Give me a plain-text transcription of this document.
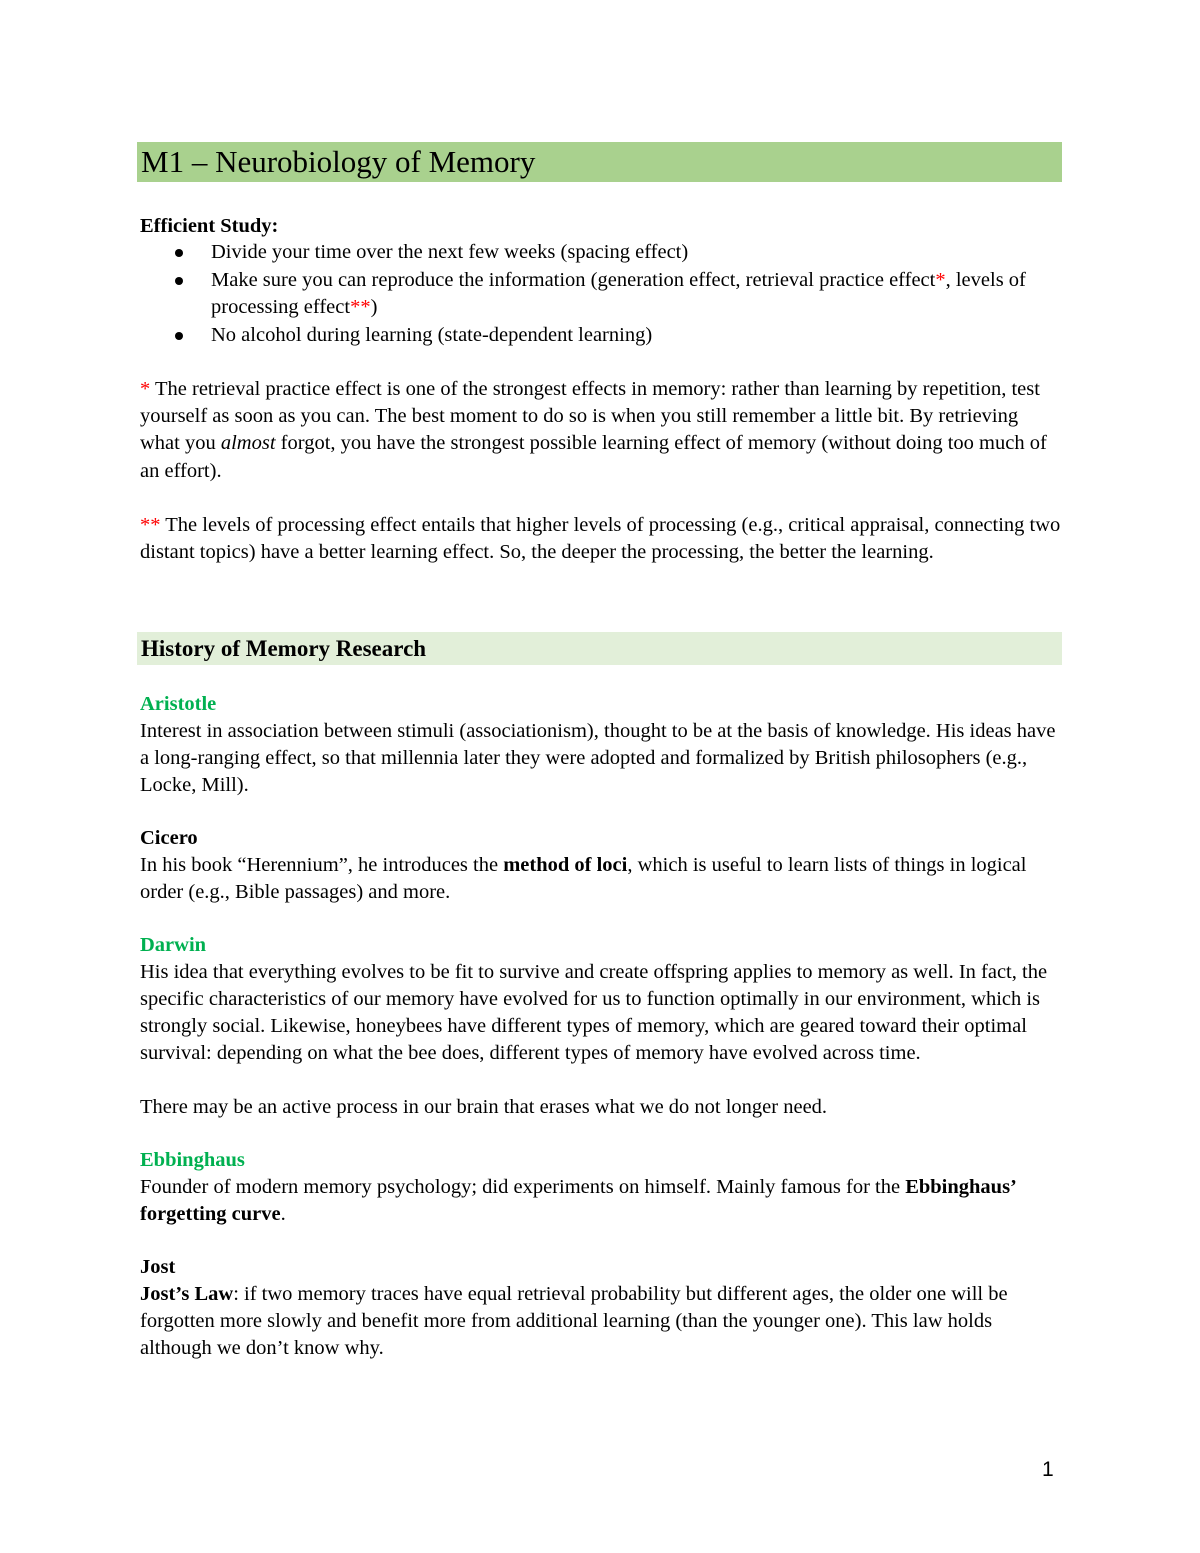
M1 – Neurobiology of Memory
Efficient Study:
Divide your time over the next few weeks (spacing effect)
Make sure you can reproduce the information (generation effect, retrieval practice effect*, levels of processing effect**)
No alcohol during learning (state-dependent learning)

* The retrieval practice effect is one of the strongest effects in memory: rather than learning by repetition, test yourself as soon as you can. The best moment to do so is when you still remember a little bit. By retrieving what you almost forgot, you have the strongest possible learning effect of memory (without doing too much of an effort).

** The levels of processing effect entails that higher levels of processing (e.g., critical appraisal, connecting two distant topics) have a better learning effect. So, the deeper the processing, the better the learning.

History of Memory Research
Aristotle
Interest in association between stimuli (associationism), thought to be at the basis of knowledge. His ideas have a long-ranging effect, so that millennia later they were adopted and formalized by British philosophers (e.g., Locke, Mill).
Cicero
In his book “Herennium”, he introduces the method of loci, which is useful to learn lists of things in logical order (e.g., Bible passages) and more.
Darwin
His idea that everything evolves to be fit to survive and create offspring applies to memory as well. In fact, the specific characteristics of our memory have evolved for us to function optimally in our environment, which is strongly social. Likewise, honeybees have different types of memory, which are geared toward their optimal survival: depending on what the bee does, different types of memory have evolved across time.
There may be an active process in our brain that erases what we do not longer need.
Ebbinghaus
Founder of modern memory psychology; did experiments on himself. Mainly famous for the Ebbinghaus’ forgetting curve.
Jost
Jost’s Law: if two memory traces have equal retrieval probability but different ages, the older one will be forgotten more slowly and benefit more from additional learning (than the younger one). This law holds although we don’t know why.
1
